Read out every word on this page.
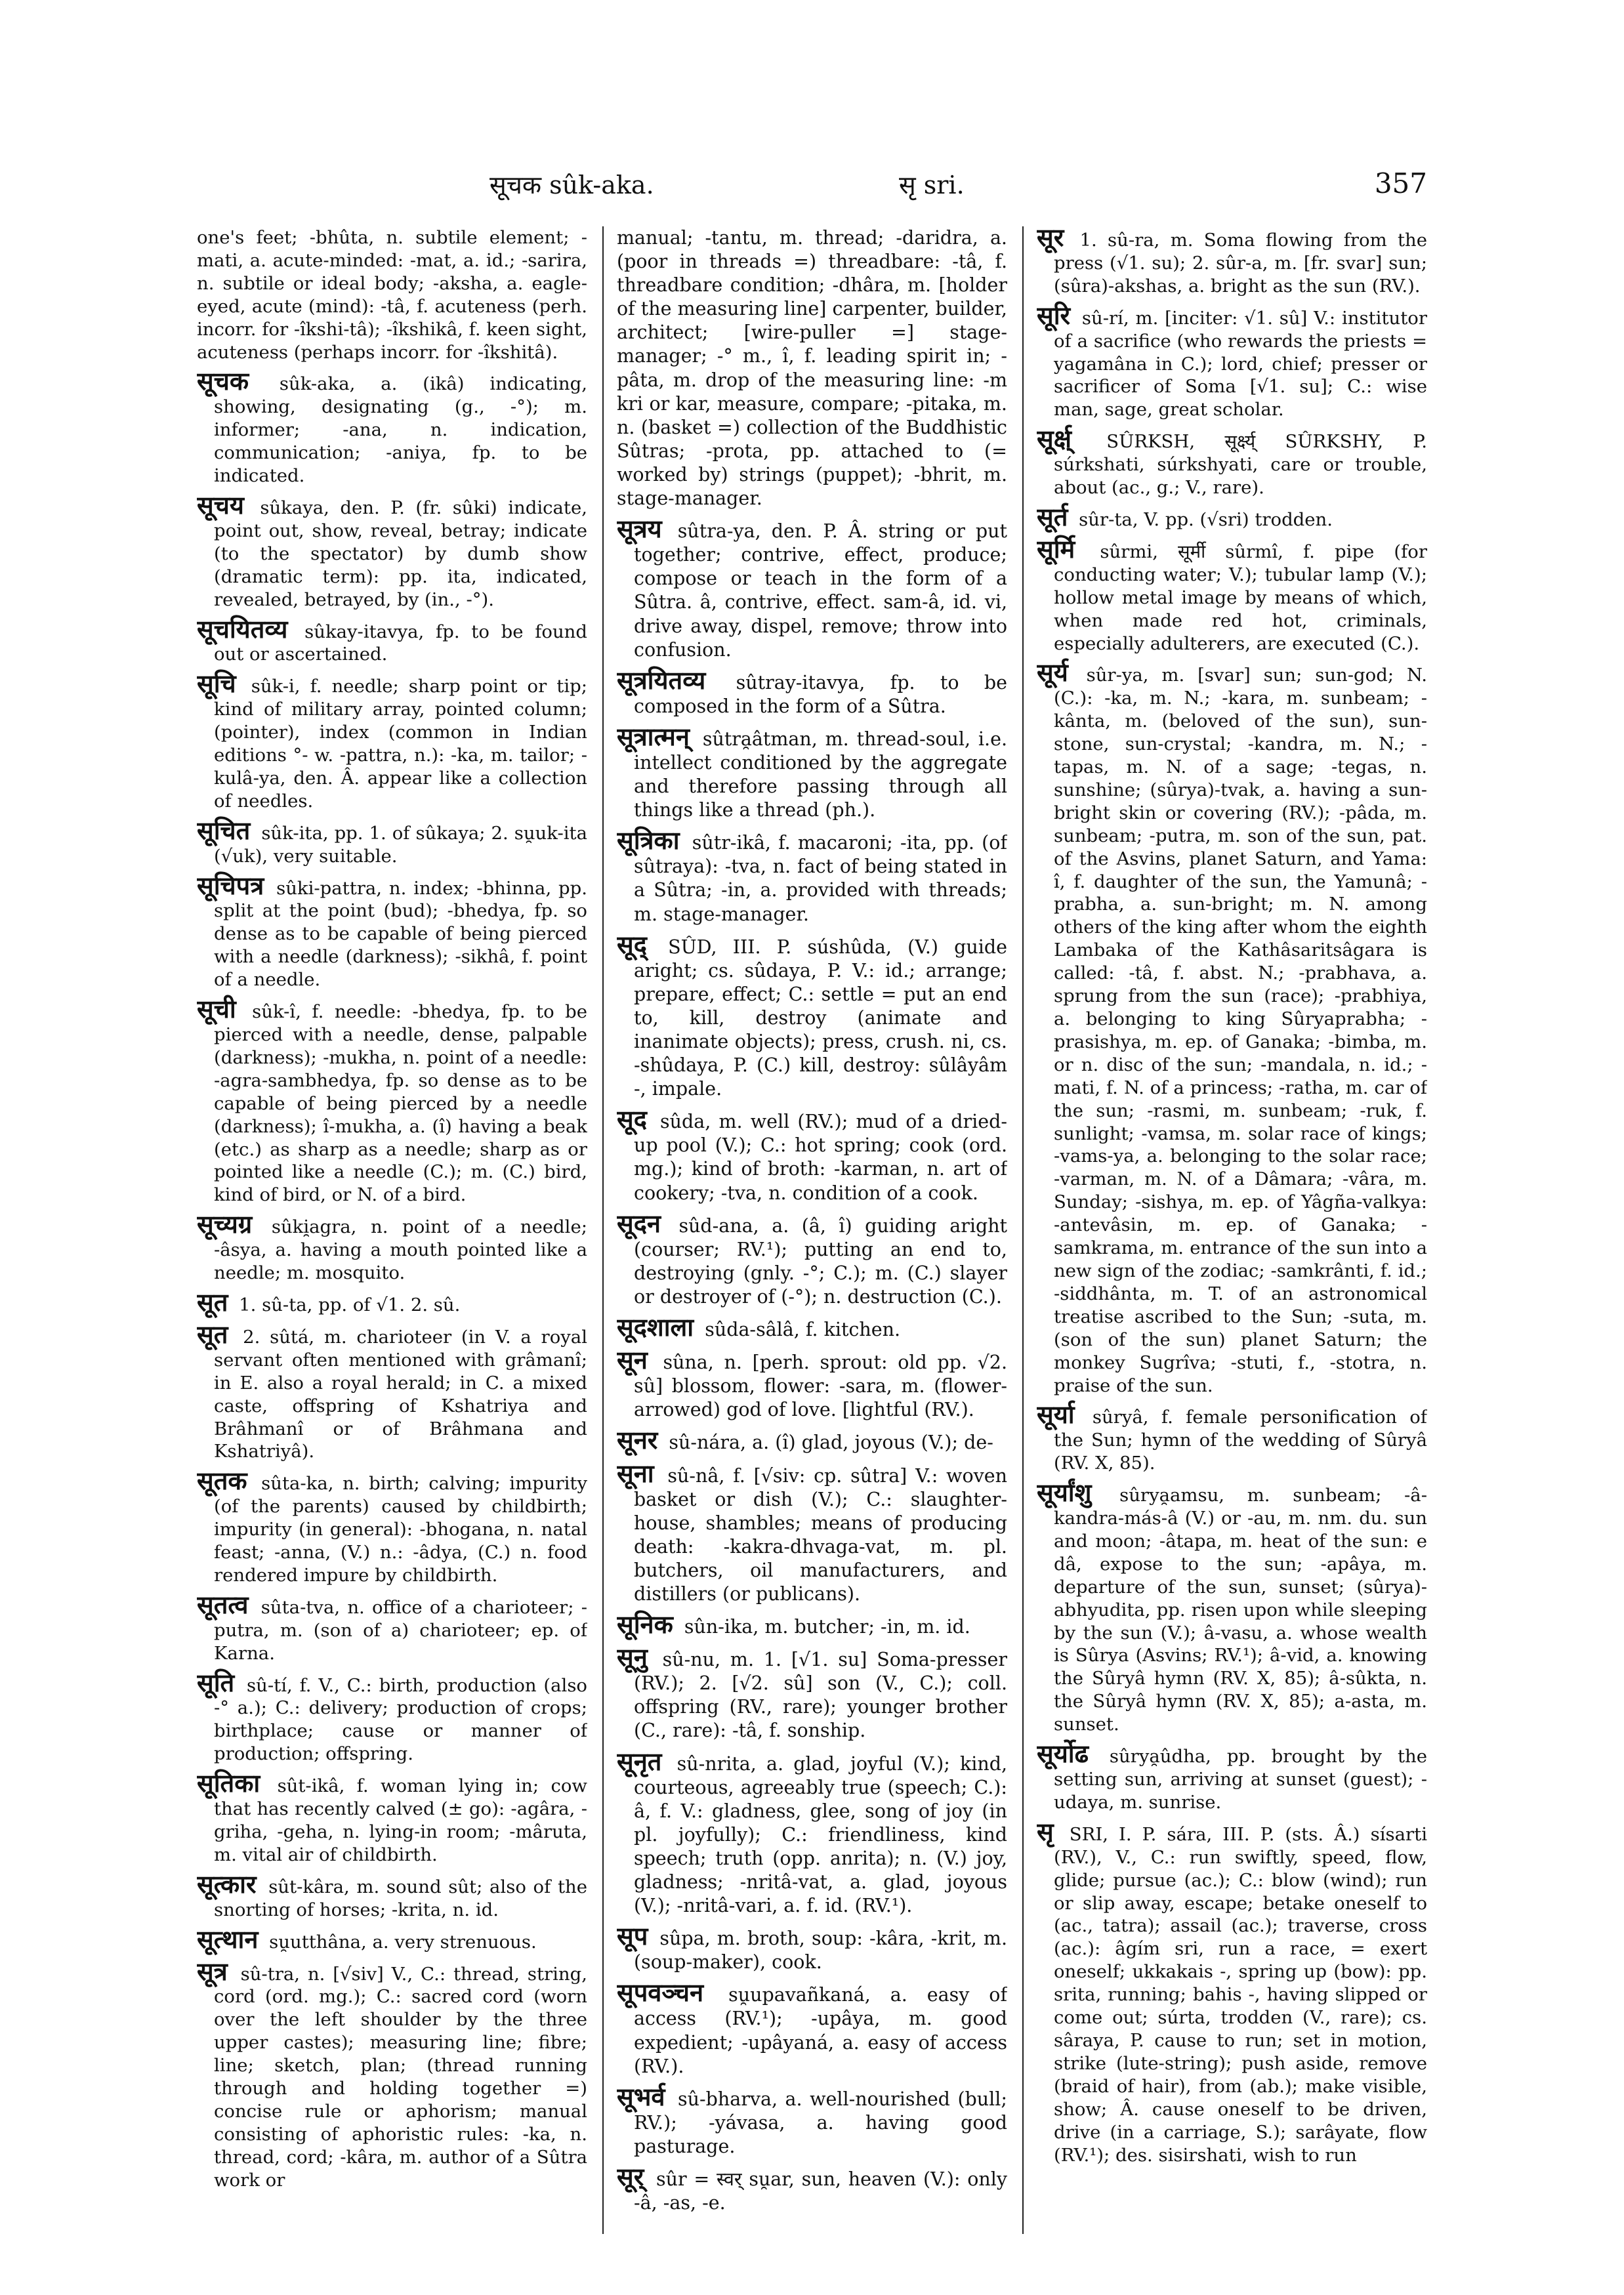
सूचक sûk-aka.	सृ sri.	357

one's feet; -bhûta, n. subtile element; -mati, a. acute-minded: -mat, a. id.; -sarira, n. subtile or ideal body; -aksha, a. eagle-eyed, acute (mind): -tâ, f. acuteness (perh. incorr. for -îkshi-tâ); -îkshikâ, f. keen sight, acuteness (perhaps incorr. for -îkshitâ).

सूचक sûk-aka, a. (ikâ) indicating, showing, designating (g., -°); m. informer; -ana, n. indication, communication; -aniya, fp. to be indicated.

सूचय sûkaya, den. P. (fr. sûki) indicate, point out, show, reveal, betray; indicate (to the spectator) by dumb show (dramatic term): pp. ita, indicated, revealed, betrayed, by (in., -°).

सूचयितव्य sûkay-itavya, fp. to be found out or ascertained.

सूचि sûk-i, f. needle; sharp point or tip; kind of military array, pointed column; (pointer), index (common in Indian editions °- w. -pattra, n.): -ka, m. tailor; -kulâ-ya, den. Â. appear like a collection of needles.

सूचित sûk-ita, pp. 1. of sûkaya; 2. su̯uk-ita (√uk), very suitable.

सूचिपत्र sûki-pattra, n. index; -bhinna, pp. split at the point (bud); -bhedya, fp. so dense as to be capable of being pierced with a needle (darkness); -sikhâ, f. point of a needle.

सूची sûk-î, f. needle: -bhedya, fp. to be pierced with a needle, dense, palpable (darkness); -mukha, n. point of a needle: -agra-sambhedya, fp. so dense as to be capable of being pierced by a needle (darkness); î-mukha, a. (î) having a beak (etc.) as sharp as a needle; sharp as or pointed like a needle (C.); m. (C.) bird, kind of bird, or N. of a bird.

सूच्यग्र sûki̯agra, n. point of a needle; -âsya, a. having a mouth pointed like a needle; m. mosquito.

सूत 1. sû-ta, pp. of √1. 2. sû.

सूत 2. sûtá, m. charioteer (in V. a royal servant often mentioned with grâmanî; in E. also a royal herald; in C. a mixed caste, offspring of Kshatriya and Brâhmanî or of Brâhmana and Kshatriyâ).

सूतक sûta-ka, n. birth; calving; impurity (of the parents) caused by childbirth; impurity (in general): -bhogana, n. natal feast; -anna, (V.) n.: -âdya, (C.) n. food rendered impure by childbirth.

सूतत्व sûta-tva, n. office of a charioteer; -putra, m. (son of a) charioteer; ep. of Karna.

सूति sû-tí, f. V., C.: birth, production (also -° a.); C.: delivery; production of crops; birthplace; cause or manner of production; offspring.

सूतिका sût-ikâ, f. woman lying in; cow that has recently calved (± go): -agâra, -griha, -geha, n. lying-in room; -mâruta, m. vital air of childbirth.

सूत्कार sût-kâra, m. sound sût; also of the snorting of horses; -krita, n. id.

सूत्थान su̯utthâna, a. very strenuous.

सूत्र sû-tra, n. [√siv] V., C.: thread, string, cord (ord. mg.); C.: sacred cord (worn over the left shoulder by the three upper castes); measuring line; fibre; line; sketch, plan; (thread running through and holding together =) concise rule or aphorism; manual consisting of aphoristic rules: -ka, n. thread, cord; -kâra, m. author of a Sûtra work or

manual; -tantu, m. thread; -daridra, a. (poor in threads =) threadbare: -tâ, f. threadbare condition; -dhâra, m. [holder of the measuring line] carpenter, builder, architect; [wire-puller =] stage-manager; -° m., î, f. leading spirit in; -pâta, m. drop of the measuring line: -m kri or kar, measure, compare; -pitaka, m. n. (basket =) collection of the Buddhistic Sûtras; -prota, pp. attached to (= worked by) strings (puppet); -bhrit, m. stage-manager.

सूत्रय sûtra-ya, den. P. Â. string or put together; contrive, effect, produce; compose or teach in the form of a Sûtra. â, contrive, effect. sam-â, id. vi, drive away, dispel, remove; throw into confusion.

सूत्रयितव्य sûtray-itavya, fp. to be composed in the form of a Sûtra.

सूत्रात्मन् sûtra̯âtman, m. thread-soul, i.e. intellect conditioned by the aggregate and therefore passing through all things like a thread (ph.).

सूत्रिका sûtr-ikâ, f. macaroni; -ita, pp. (of sûtraya): -tva, n. fact of being stated in a Sûtra; -in, a. provided with threads; m. stage-manager.

सूद् SÛD, III. P. súshûda, (V.) guide aright; cs. sûdaya, P. V.: id.; arrange; prepare, effect; C.: settle = put an end to, kill, destroy (animate and inanimate objects); press, crush. ni, cs. -shûdaya, P. (C.) kill, destroy: sûlâyâm -, impale.

सूद sûda, m. well (RV.); mud of a dried-up pool (V.); C.: hot spring; cook (ord. mg.); kind of broth: -karman, n. art of cookery; -tva, n. condition of a cook.

सूदन sûd-ana, a. (â, î) guiding aright (courser; RV.¹); putting an end to, destroying (gnly. -°; C.); m. (C.) slayer or destroyer of (-°); n. destruction (C.).

सूदशाला sûda-sâlâ, f. kitchen.

सून sûna, n. [perh. sprout: old pp. √2. sû] blossom, flower: -sara, m. (flower-arrowed) god of love. [lightful (RV.).

सूनर sû-nára, a. (î) glad, joyous (V.); de-

सूना sû-nâ, f. [√siv: cp. sûtra] V.: woven basket or dish (V.); C.: slaughter-house, shambles; means of producing death: -kakra-dhvaga-vat, m. pl. butchers, oil manufacturers, and distillers (or publicans).

सूनिक sûn-ika, m. butcher; -in, m. id.

सूनु sû-nu, m. 1. [√1. su] Soma-presser (RV.); 2. [√2. sû] son (V., C.); coll. offspring (RV., rare); younger brother (C., rare): -tâ, f. sonship.

सूनृत sû-nrita, a. glad, joyful (V.); kind, courteous, agreeably true (speech; C.): â, f. V.: gladness, glee, song of joy (in pl. joyfully); C.: friendliness, kind speech; truth (opp. anrita); n. (V.) joy, gladness; -nritâ-vat, a. glad, joyous (V.); -nritâ-vari, a. f. id. (RV.¹).

सूप sûpa, m. broth, soup: -kâra, -krit, m. (soup-maker), cook.

सूपवञ्चन su̯upavañkaná, a. easy of access (RV.¹); -upâya, m. good expedient; -upâyaná, a. easy of access (RV.).

सूभर्व sû-bharva, a. well-nourished (bull; RV.); -yávasa, a. having good pasturage.

सूर् sûr = स्वर् su̯ar, sun, heaven (V.): only -â, -as, -e.

सूर 1. sû-ra, m. Soma flowing from the press (√1. su); 2. sûr-a, m. [fr. svar] sun; (sûra)-akshas, a. bright as the sun (RV.).

सूरि sû-rí, m. [inciter: √1. sû] V.: institutor of a sacrifice (who rewards the priests = yagamâna in C.); lord, chief; presser or sacrificer of Soma [√1. su]; C.: wise man, sage, great scholar.

सूर्क्ष् SÛRKSH, सूर्क्ष्य् SÛRKSHY, P. súrkshati, súrkshyati, care or trouble, about (ac., g.; V., rare).

सूर्त sûr-ta, V. pp. (√sri) trodden.

सूर्मि sûrmi, सूर्मी sûrmî, f. pipe (for conducting water; V.); tubular lamp (V.); hollow metal image by means of which, when made red hot, criminals, especially adulterers, are executed (C.).

सूर्य sûr-ya, m. [svar] sun; sun-god; N. (C.): -ka, m. N.; -kara, m. sunbeam; -kânta, m. (beloved of the sun), sun-stone, sun-crystal; -kandra, m. N.; -tapas, m. N. of a sage; -tegas, n. sunshine; (sûrya)-tvak, a. having a sun-bright skin or covering (RV.); -pâda, m. sunbeam; -putra, m. son of the sun, pat. of the Asvins, planet Saturn, and Yama: î, f. daughter of the sun, the Yamunâ; -prabha, a. sun-bright; m. N. among others of the king after whom the eighth Lambaka of the Kathâsaritsâgara is called: -tâ, f. abst. N.; -prabhava, a. sprung from the sun (race); -prabhiya, a. belonging to king Sûryaprabha; -prasishya, m. ep. of Ganaka; -bimba, m. or n. disc of the sun; -mandala, n. id.; -mati, f. N. of a princess; -ratha, m. car of the sun; -rasmi, m. sunbeam; -ruk, f. sunlight; -vamsa, m. solar race of kings; -vams-ya, a. belonging to the solar race; -varman, m. N. of a Dâmara; -vâra, m. Sunday; -sishya, m. ep. of Yâgña-valkya: -antevâsin, m. ep. of Ganaka; -samkrama, m. entrance of the sun into a new sign of the zodiac; -samkrânti, f. id.; -siddhânta, m. T. of an astronomical treatise ascribed to the Sun; -suta, m. (son of the sun) planet Saturn; the monkey Sugrîva; -stuti, f., -stotra, n. praise of the sun.

सूर्या sûryâ, f. female personification of the Sun; hymn of the wedding of Sûryâ (RV. X, 85).

सूर्यांशु sûrya̯amsu, m. sunbeam; -â-kandra-más-â (V.) or -au, m. nm. du. sun and moon; -âtapa, m. heat of the sun: e dâ, expose to the sun; -apâya, m. departure of the sun, sunset; (sûrya)-abhyudita, pp. risen upon while sleeping by the sun (V.); â-vasu, a. whose wealth is Sûrya (Asvins; RV.¹); â-vid, a. knowing the Sûryâ hymn (RV. X, 85); â-sûkta, n. the Sûryâ hymn (RV. X, 85); a-asta, m. sunset.

सूर्योढ sûrya̯ûdha, pp. brought by the setting sun, arriving at sunset (guest); -udaya, m. sunrise.

सृ SRI, I. P. sára, III. P. (sts. Â.) sísarti (RV.), V., C.: run swiftly, speed, flow, glide; pursue (ac.); C.: blow (wind); run or slip away, escape; betake oneself to (ac., tatra); assail (ac.); traverse, cross (ac.): âgím sri, run a race, = exert oneself; ukkakais -, spring up (bow): pp. srita, running; bahis -, having slipped or come out; súrta, trodden (V., rare); cs. sâraya, P. cause to run; set in motion, strike (lute-string); push aside, remove (braid of hair), from (ab.); make visible, show; Â. cause oneself to be driven, drive (in a carriage, S.); sarâyate, flow (RV.¹); des. sisirshati, wish to run
